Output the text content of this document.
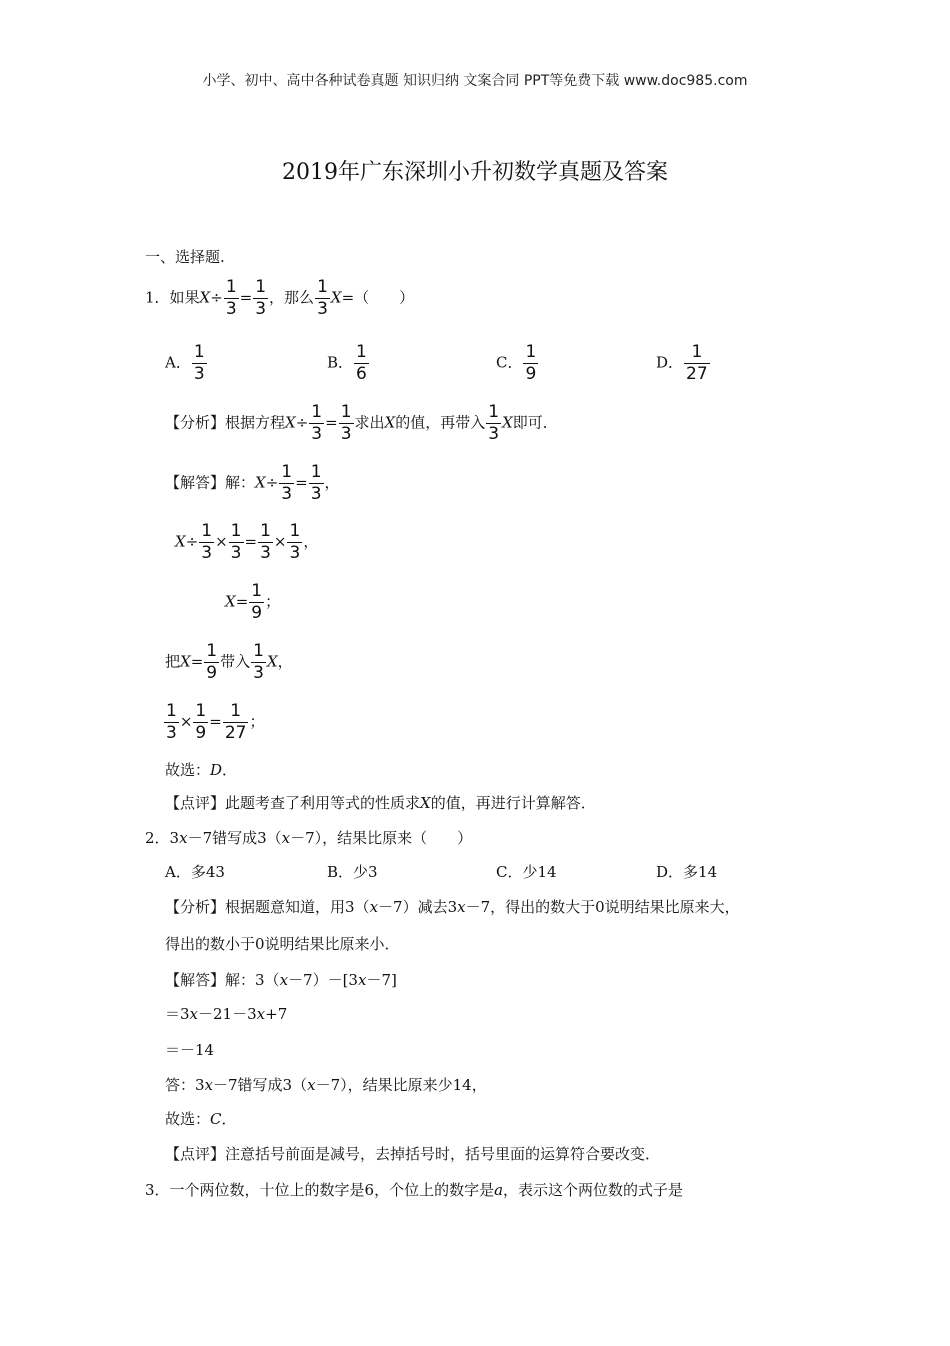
小学、初中、高中各种试卷真题 知识归纳 文案合同 PPT等免费下载 www.doc985.com
2019年广东深圳小升初数学真题及答案
一、选择题.
1．如果$X\div \frac{1}{3} = \frac{1}{3}$ ，那么 $\frac{1}{3} X=$（　　）
A． $\frac{1}{3}$	B． $\frac{1}{6}$	C． $\frac{1}{9}$	D． $\frac{1}{27}$
【分析】根据方程$X\div \frac{1}{3} = \frac{1}{3}$ 求出X的值，再带入 $\frac{1}{3}$ X即可．
【解答】解：$X\div \frac{1}{3} = \frac{1}{3}$ ，
$X\div \frac{1}{3} \times \frac{1}{3} = \frac{1}{3} \times \frac{1}{3}$ ，
$X= \frac{1}{9}$ ；
把$X= \frac{1}{9}$ 带入 $\frac{1}{3}$ X，
$\frac{1}{3} \times \frac{1}{9} = \frac{1}{27}$ ；
故选：D．
【点评】此题考查了利用等式的性质求X的值，再进行计算解答．
2．3x－7错写成3（x－7），结果比原来（　　）
A．多43	B．少3	C．少14	D．多14
【分析】根据题意知道，用3（x－7）减去3x－7，得出的数大于0说明结果比原来大，
得出的数小于0说明结果比原来小．
【解答】解：3（x－7）－[3x－7]
＝3x－21－3x+7
＝－14
答：3x－7错写成3（x－7），结果比原来少14，
故选：C．
【点评】注意括号前面是减号，去掉括号时，括号里面的运算符合要改变．
3．一个两位数，十位上的数字是6，个位上的数字是a，表示这个两位数的式子是
